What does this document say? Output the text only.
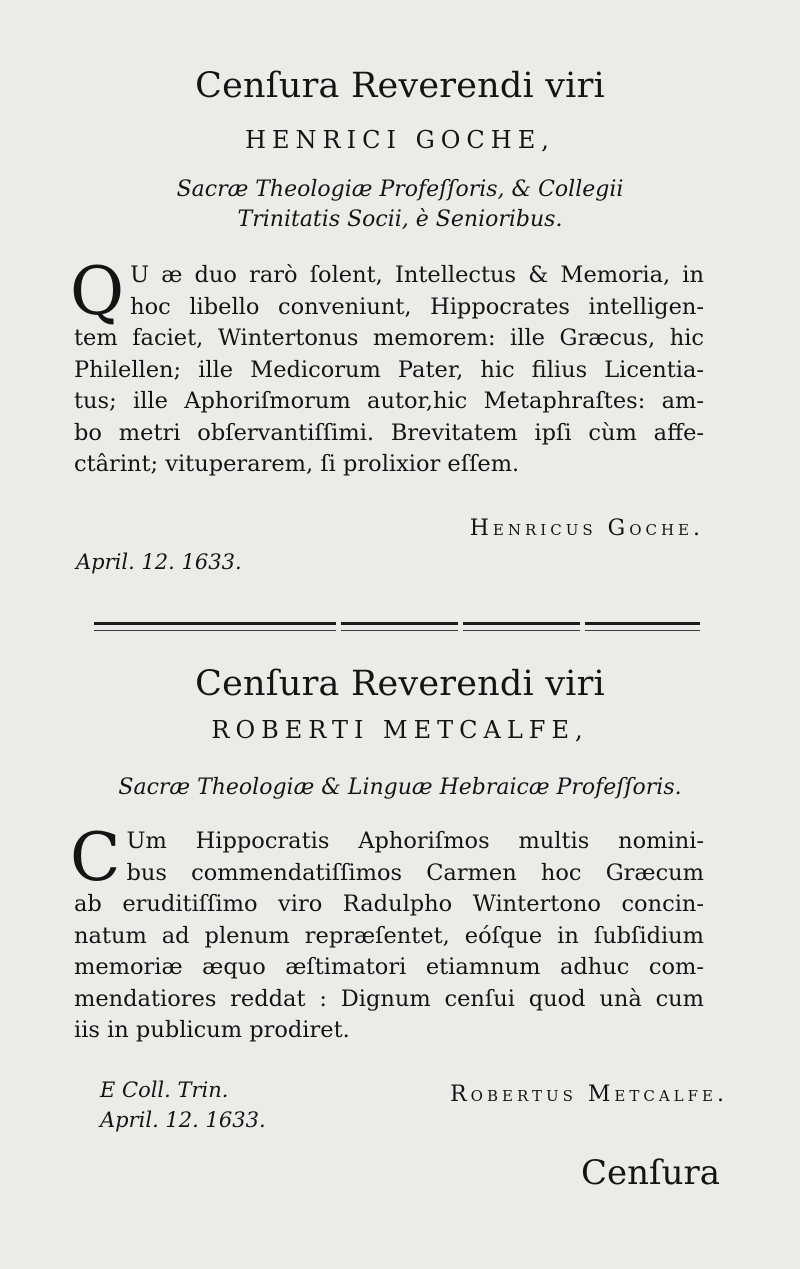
Cenſura Reverendi viri
HENRICI GOCHE,
Sacræ Theologiæ Profeſſoris, & Collegii
Trinitatis Socii, è Senioribus.
Q U æ duo rarò ſolent, Intellectus & Memoria, in
hoc libello conveniunt, Hippocrates intelligen-
tem faciet, Wintertonus memorem: ille Græcus, hic
Philellen; ille Medicorum Pater, hic filius Licentia-
tus; ille Aphoriſmorum autor,hic Metaphraſtes: am-
bo metri obſervantiſſimi. Brevitatem ipſi cùm affe-
ctârint; vituperarem, ſi prolixior eſſem.
Henricus Goche.
April. 12. 1633.
Cenſura Reverendi viri
ROBERTI METCALFE,
Sacræ Theologiæ & Linguæ Hebraicæ Profeſſoris.
C Um Hippocratis Aphoriſmos multis nomini-
bus commendatiſſimos Carmen hoc Græcum
ab eruditiſſimo viro Radulpho Wintertono concin-
natum ad plenum repræſentet, eóſque in ſubſidium
memoriæ æquo æſtimatori etiamnum adhuc com-
mendatiores reddat : Dignum cenſui quod unà cum
iis in publicum prodiret.
E Coll. Trin.
April. 12. 1633.
Robertus Metcalfe.
Cenſura
